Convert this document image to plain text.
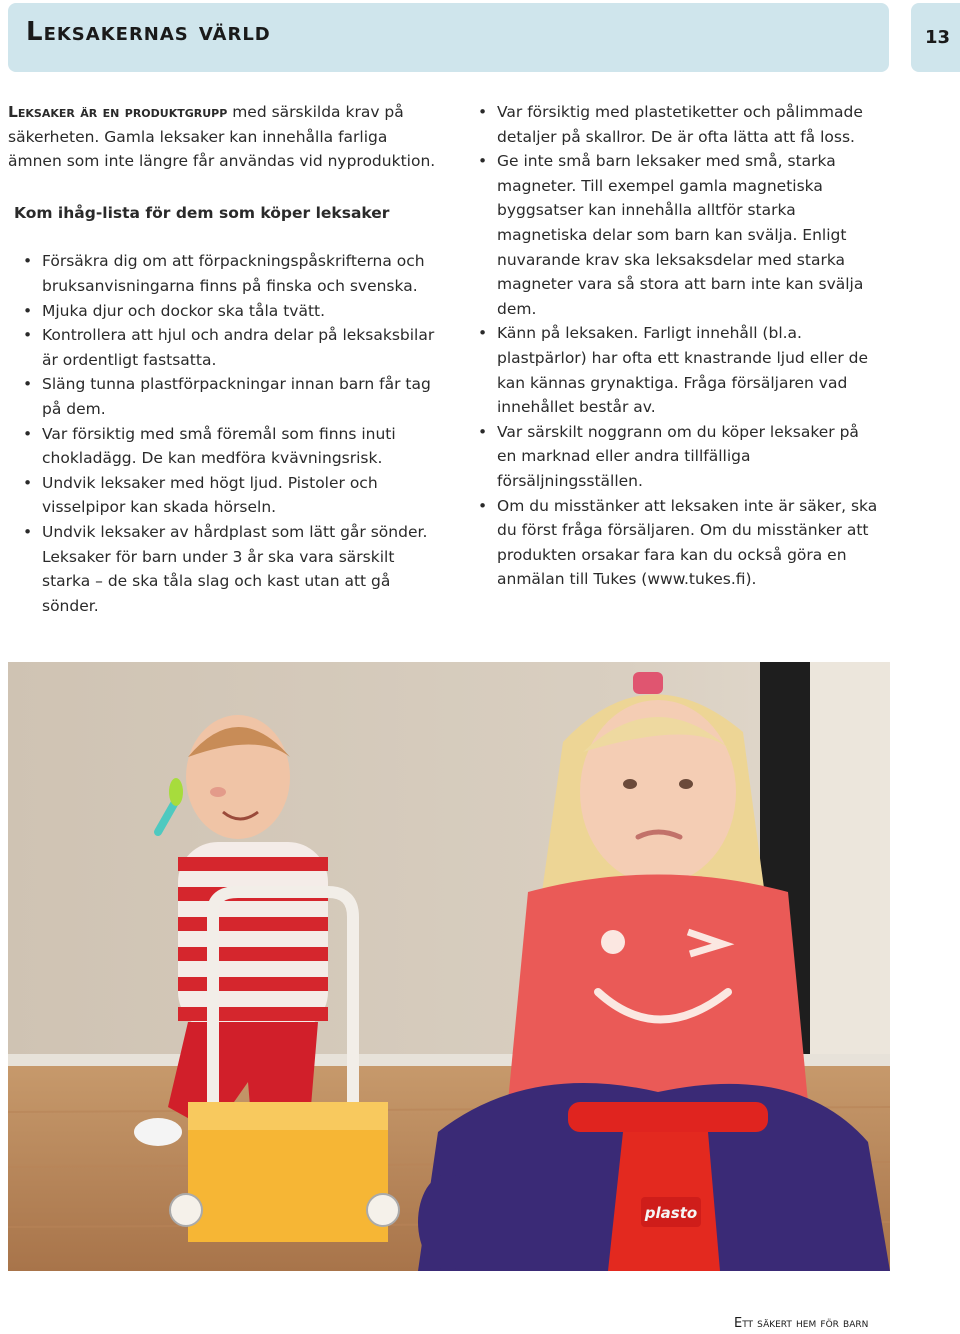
Leksakernas värld	13

Leksaker är en produktgrupp med särskilda krav på säkerheten. Gamla leksaker kan innehålla farliga ämnen som inte längre får användas vid nyproduktion.

Kom ihåg-lista för dem som köper leksaker
• Försäkra dig om att förpackningspåskrifterna och bruksanvisningarna finns på finska och svenska.
• Mjuka djur och dockor ska tåla tvätt.
• Kontrollera att hjul och andra delar på leksaksbilar är ordentligt fastsatta.
• Släng tunna plastförpackningar innan barn får tag på dem.
• Var försiktig med små föremål som finns inuti chokladägg. De kan medföra kvävningsrisk.
• Undvik leksaker med högt ljud. Pistoler och visselpipor kan skada hörseln.
• Undvik leksaker av hårdplast som lätt går sönder. Leksaker för barn under 3 år ska vara särskilt starka – de ska tåla slag och kast utan att gå sönder.
• Var försiktig med plastetiketter och pålimmade detaljer på skallror. De är ofta lätta att få loss.
• Ge inte små barn leksaker med små, starka magneter. Till exempel gamla magnetiska byggsatser kan innehålla alltför starka magnetiska delar som barn kan svälja. Enligt nuvarande krav ska leksaksdelar med starka magneter vara så stora att barn inte kan svälja dem.
• Känn på leksaken. Farligt innehåll (bl.a. plastpärlor) har ofta ett knastrande ljud eller de kan kännas grynaktiga. Fråga försäljaren vad innehållet består av.
• Var särskilt noggrann om du köper leksaker på en marknad eller andra tillfälliga försäljningsställen.
• Om du misstänker att leksaken inte är säker, ska du först fråga försäljaren. Om du misstänker att produkten orsakar fara kan du också göra en anmälan till Tukes (www.tukes.fi).
plasto
Ett säkert hem för barn
